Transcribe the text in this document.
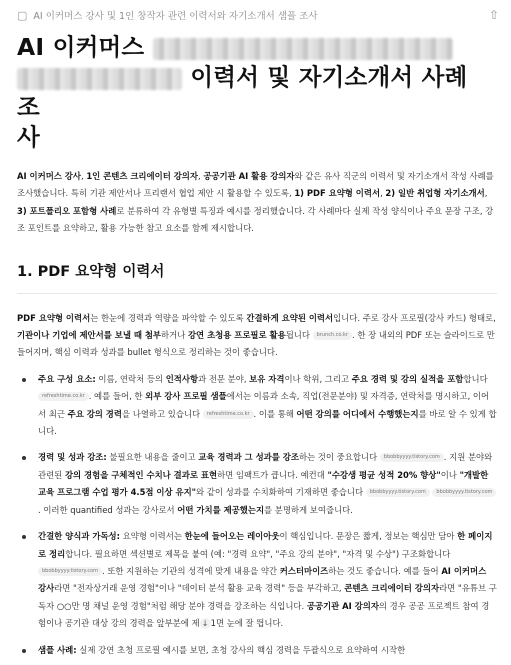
▢ AI 이커머스 강사 및 1인 창작자 관련 이력서와 자기소개서 샘플 조사	⇧
AI 이커머스
이력서 및 자기소개서 사례 조
사

AI 이커머스 강사, 1인 콘텐츠 크리에이터 강의자, 공공기관 AI 활용 강의자와 같은 유사 직군의 이력서 및 자기소개서 작성 사례를 조사했습니다. 특히 기관 제안서나 프리랜서 협업 제안 시 활용할 수 있도록, 1) PDF 요약형 이력서, 2) 일반 취업형 자기소개서, 3) 포트폴리오 포함형 사례로 분류하여 각 유형별 특징과 예시를 정리했습니다. 각 사례마다 실제 작성 양식이나 주요 문장 구조, 강조 포인트를 요약하고, 활용 가능한 참고 요소를 함께 제시합니다.

1. PDF 요약형 이력서

PDF 요약형 이력서는 한눈에 경력과 역량을 파악할 수 있도록 간결하게 요약된 이력서입니다. 주로 강사 프로필(강사 카드) 형태로, 기관이나 기업에 제안서를 보낼 때 첨부하거나 강연 초청용 프로필로 활용됩니다 brunch.co.kr . 한 장 내외의 PDF 또는 슬라이드로 만들어지며, 핵심 이력과 성과를 bullet 형식으로 정리하는 것이 좋습니다.

주요 구성 요소: 이름, 연락처 등의 인적사항과 전문 분야, 보유 자격이나 학위, 그리고 주요 경력 및 강의 실적을 포함합니다 refreshtime.co.kr . 예를 들어, 한 외부 강사 프로필 샘플에서는 이름과 소속, 직업(전문분야) 및 자격증, 연락처를 명시하고, 이어서 최근 주요 강의 경력을 나열하고 있습니다 refreshtime.co.kr . 이를 통해 어떤 강의를 어디에서 수행했는지를 바로 알 수 있게 합니다.
경력 및 성과 강조: 불필요한 내용을 줄이고 교육 경력과 그 성과를 강조하는 것이 중요합니다 bbobbyyyy.tistory.com . 지원 분야와 관련된 강의 경험을 구체적인 수치나 결과로 표현하면 임팩트가 큽니다. 예컨대 "수강생 평균 성적 20% 향상"이나 "개발한 교육 프로그램 수업 평가 4.5점 이상 유지"와 같이 성과를 수치화하여 기재하면 좋습니다 bbobbyyyy.tistory.com bbobbyyyy.tistory.com. 이러한 quantified 성과는 강사로서 어떤 가치를 제공했는지를 분명하게 보여줍니다.
간결한 양식과 가독성: 요약형 이력서는 한눈에 들어오는 레이아웃이 핵심입니다. 문장은 짧게, 정보는 핵심만 담아 한 페이지로 정리합니다. 필요하면 섹션별로 제목을 붙여 (예: "경력 요약", "주요 강의 분야", "자격 및 수상") 구조화합니다 bbobbyyyy.tistory.com . 또한 지원하는 기관의 성격에 맞게 내용을 약간 커스터마이즈하는 것도 좋습니다. 예를 들어 AI 이커머스 강사라면 "전자상거래 운영 경험"이나 "데이터 분석 활용 교육 경력" 등을 부각하고, 콘텐츠 크리에이터 강의자라면 "유튜브 구독자 ○○만 명 채널 운영 경험"처럼 해당 분야 경력을 강조하는 식입니다. 공공기관 AI 강의자의 경우 공공 프로젝트 참여 경험이나 공기관 대상 강의 경력을 앞부분에 제 ↓ 1면 눈에 잘 띕니다.
샘플 사례: 실제 강연 초청 프로필 예시를 보면, 초청 강사의 핵심 경력을 두괄식으로 요약하여 시작한
